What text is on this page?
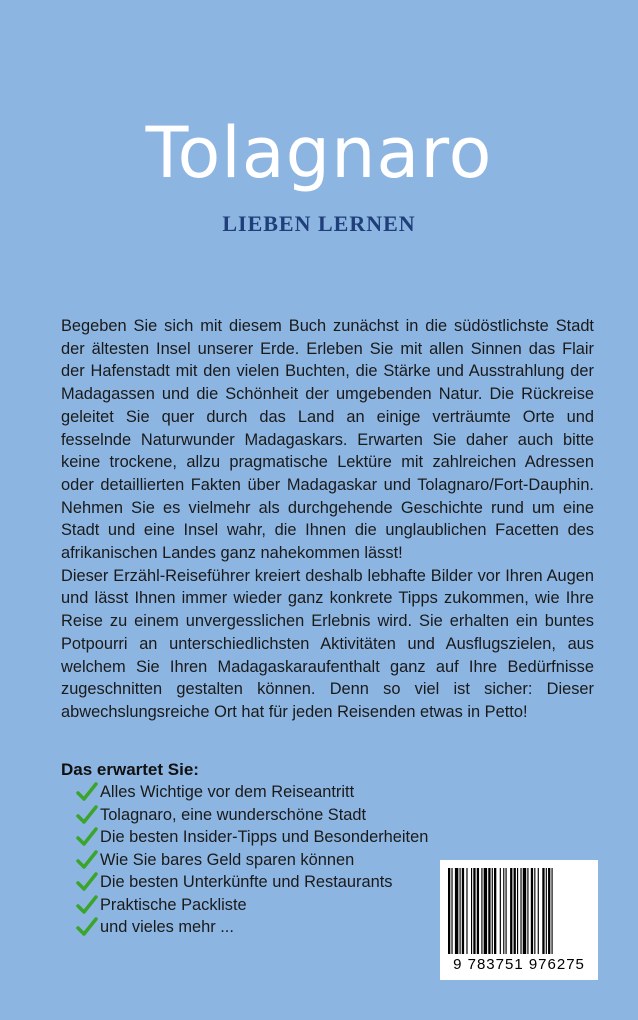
Tolagnaro
LIEBEN LERNEN

Begeben Sie sich mit diesem Buch zunächst in die südöstlichste Stadt der ältesten Insel unserer Erde. Erleben Sie mit allen Sinnen das Flair der Hafenstadt mit den vielen Buchten, die Stärke und Ausstrahlung der Madagassen und die Schönheit der umgebenden Natur. Die Rückreise geleitet Sie quer durch das Land an einige verträumte Orte und fesselnde Naturwunder Madagaskars. Erwarten Sie daher auch bitte keine trockene, allzu pragmatische Lektüre mit zahlreichen Adressen oder detaillierten Fakten über Madagaskar und Tolagnaro/Fort-Dauphin. Nehmen Sie es vielmehr als durchgehende Geschichte rund um eine Stadt und eine Insel wahr, die Ihnen die unglaublichen Facetten des afrikanischen Landes ganz nahekommen lässt!

Dieser Erzähl-Reiseführer kreiert deshalb lebhafte Bilder vor Ihren Augen und lässt Ihnen immer wieder ganz konkrete Tipps zukommen, wie Ihre Reise zu einem unvergesslichen Erlebnis wird. Sie erhalten ein buntes Potpourri an unterschiedlichsten Aktivitäten und Ausflugszielen, aus welchem Sie Ihren Madagaskaraufenthalt ganz auf Ihre Bedürfnisse zugeschnitten gestalten können. Denn so viel ist sicher: Dieser abwechslungsreiche Ort hat für jeden Reisenden etwas in Petto!

Das erwartet Sie:
Alles Wichtige vor dem Reiseantritt
Tolagnaro, eine wunderschöne Stadt
Die besten Insider-Tipps und Besonderheiten
Wie Sie bares Geld sparen können
Die besten Unterkünfte und Restaurants
Praktische Packliste
und vieles mehr ...
9 783751 976275
